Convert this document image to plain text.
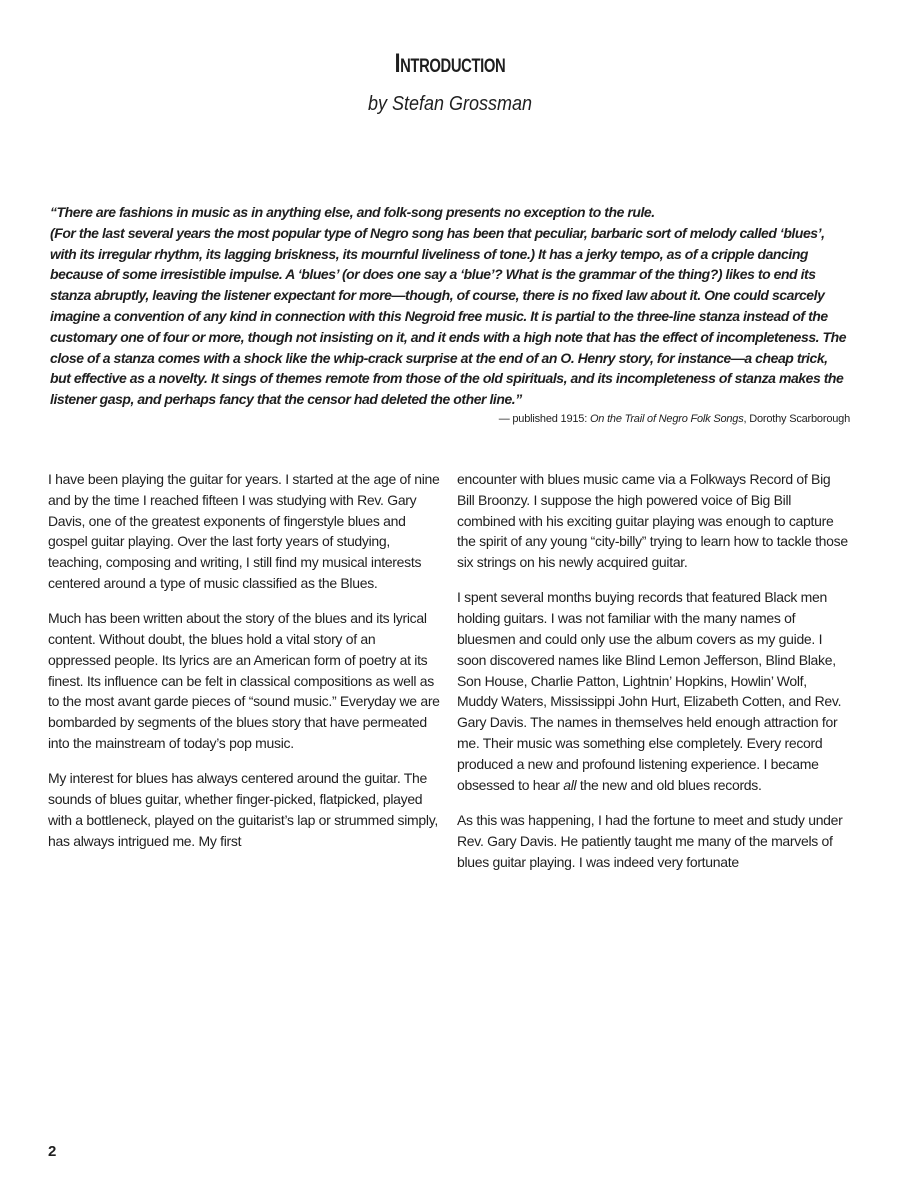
Introduction
by Stefan Grossman

“There are fashions in music as in anything else, and folk-song presents no exception to the rule.

(For the last several years the most popular type of Negro song has been that peculiar, barbaric sort of melody called ‘blues’, with its irregular rhythm, its lagging briskness, its mournful liveliness of tone.) It has a jerky tempo, as of a cripple dancing because of some irresistible impulse. A ‘blues’ (or does one say a ‘blue’? What is the grammar of the thing?) likes to end its stanza abruptly, leaving the listener expectant for more—though, of course, there is no fixed law about it. One could scarcely imagine a convention of any kind in connection with this Negroid free music. It is partial to the three-line stanza instead of the customary one of four or more, though not insisting on it, and it ends with a high note that has the effect of incompleteness. The close of a stanza comes with a shock like the whip-crack surprise at the end of an O. Henry story, for instance—a cheap trick, but effective as a novelty. It sings of themes remote from those of the old spirituals, and its incompleteness of stanza makes the listener gasp, and perhaps fancy that the censor had deleted the other line.”

— published 1915: On the Trail of Negro Folk Songs, Dorothy Scarborough

I have been playing the guitar for years. I started at the age of nine and by the time I reached fifteen I was studying with Rev. Gary Davis, one of the greatest exponents of fingerstyle blues and gospel guitar playing. Over the last forty years of studying, teaching, composing and writing, I still find my musical interests centered around a type of music classified as the Blues.

Much has been written about the story of the blues and its lyrical content. Without doubt, the blues hold a vital story of an oppressed people. Its lyrics are an American form of poetry at its finest. Its influence can be felt in classical compositions as well as to the most avant garde pieces of “sound music.” Everyday we are bombarded by segments of the blues story that have permeated into the mainstream of today’s pop music.

My interest for blues has always centered around the guitar. The sounds of blues guitar, whether finger-picked, flatpicked, played with a bottleneck, played on the guitarist’s lap or strummed simply, has always intrigued me. My first

encounter with blues music came via a Folkways Record of Big Bill Broonzy. I suppose the high powered voice of Big Bill combined with his exciting guitar playing was enough to capture the spirit of any young “city-billy” trying to learn how to tackle those six strings on his newly acquired guitar.

I spent several months buying records that featured Black men holding guitars. I was not familiar with the many names of bluesmen and could only use the album covers as my guide. I soon discovered names like Blind Lemon Jefferson, Blind Blake, Son House, Charlie Patton, Lightnin’ Hopkins, Howlin’ Wolf, Muddy Waters, Mississippi John Hurt, Elizabeth Cotten, and Rev. Gary Davis. The names in themselves held enough attraction for me. Their music was something else completely. Every record produced a new and profound listening experience. I became obsessed to hear all the new and old blues records.

As this was happening, I had the fortune to meet and study under Rev. Gary Davis. He patiently taught me many of the marvels of blues guitar playing. I was indeed very fortunate

2
